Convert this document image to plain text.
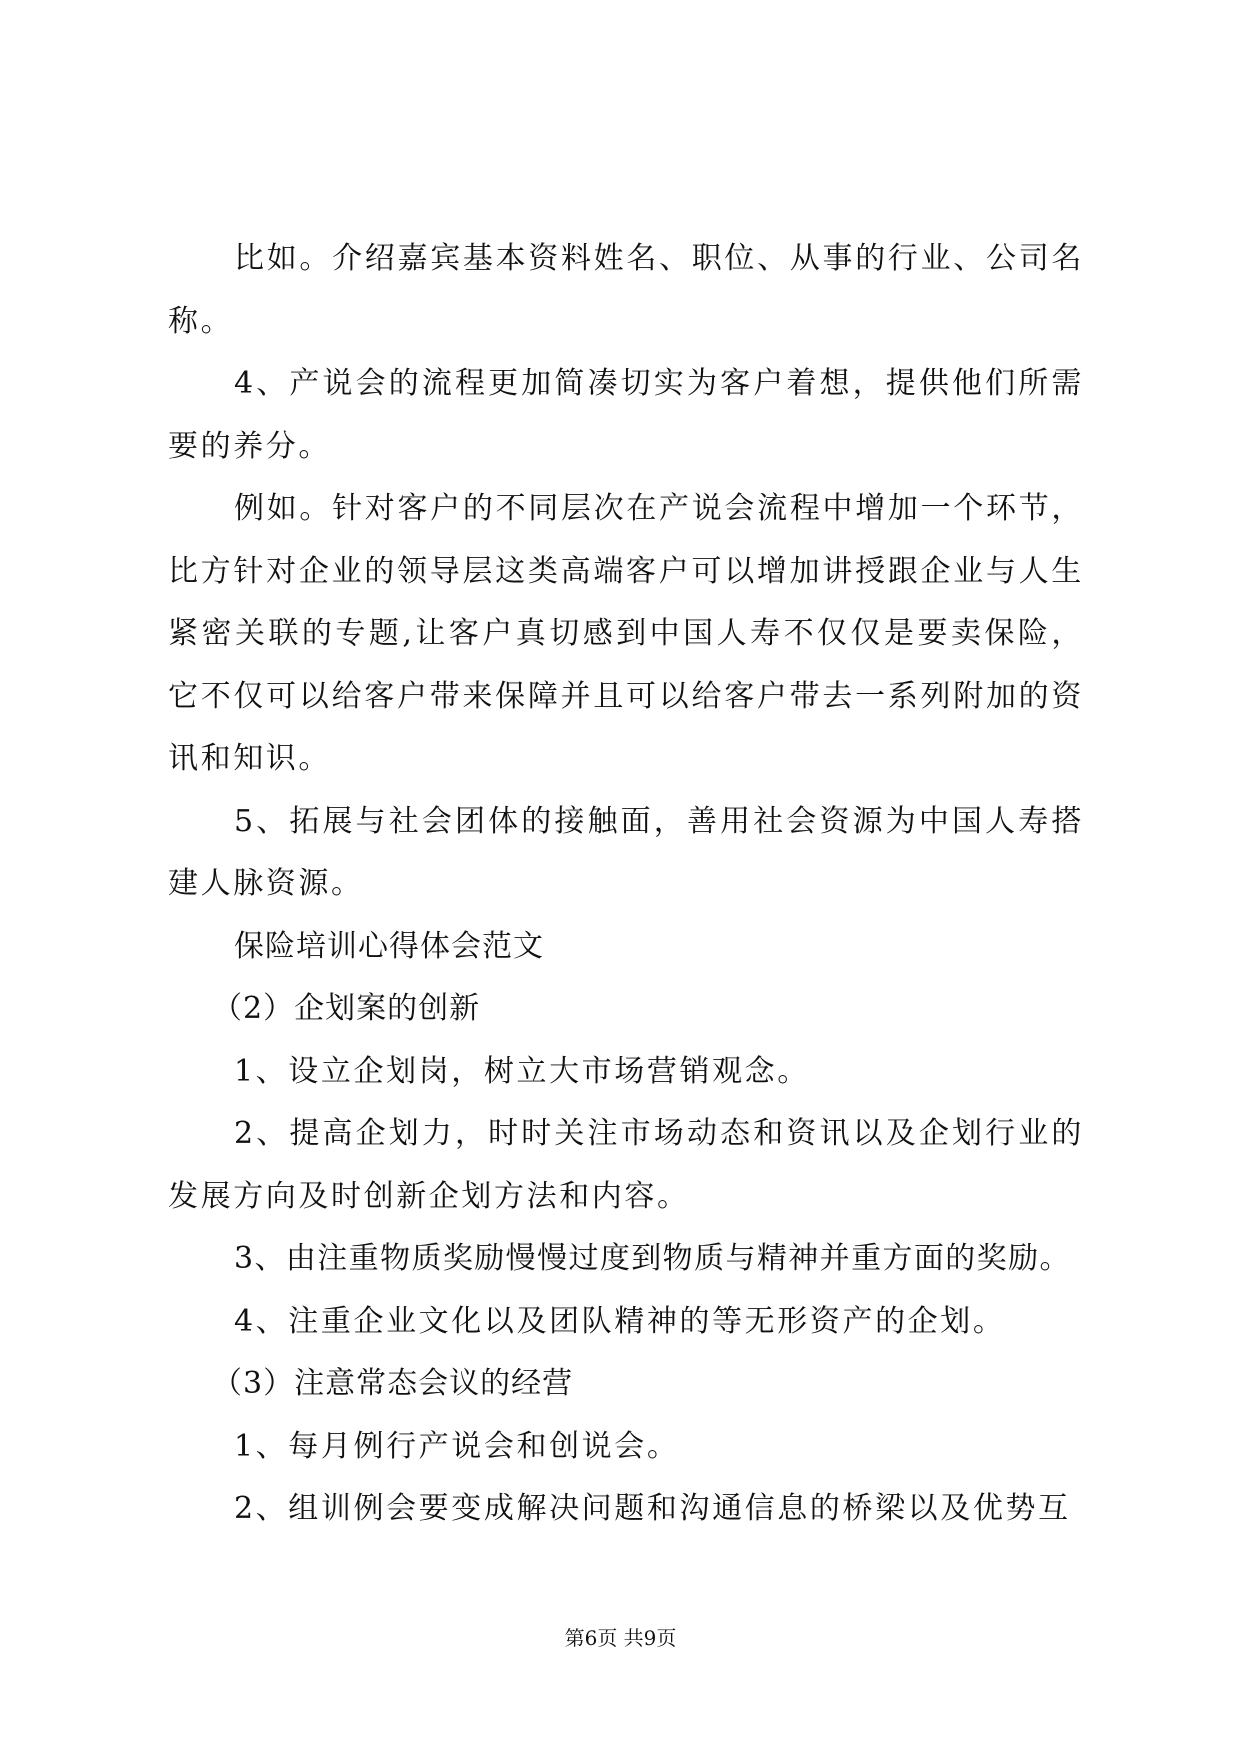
比如。介绍嘉宾基本资料姓名、职位、从事的行业、公司名称。

4、产说会的流程更加简凑切实为客户着想，提供他们所需要的养分。

例如。针对客户的不同层次在产说会流程中增加一个环节，比方针对企业的领导层这类高端客户可以增加讲授跟企业与人生紧密关联的专题,让客户真切感到中国人寿不仅仅是要卖保险，它不仅可以给客户带来保障并且可以给客户带去一系列附加的资讯和知识。

5、拓展与社会团体的接触面，善用社会资源为中国人寿搭建人脉资源。

保险培训心得体会范文

（2）企划案的创新

1、设立企划岗，树立大市场营销观念。

2、提高企划力，时时关注市场动态和资讯以及企划行业的发展方向及时创新企划方法和内容。

3、由注重物质奖励慢慢过度到物质与精神并重方面的奖励。

4、注重企业文化以及团队精神的等无形资产的企划。

（3）注意常态会议的经营

1、每月例行产说会和创说会。

2、组训例会要变成解决问题和沟通信息的桥梁以及优势互

第6页 共9页
